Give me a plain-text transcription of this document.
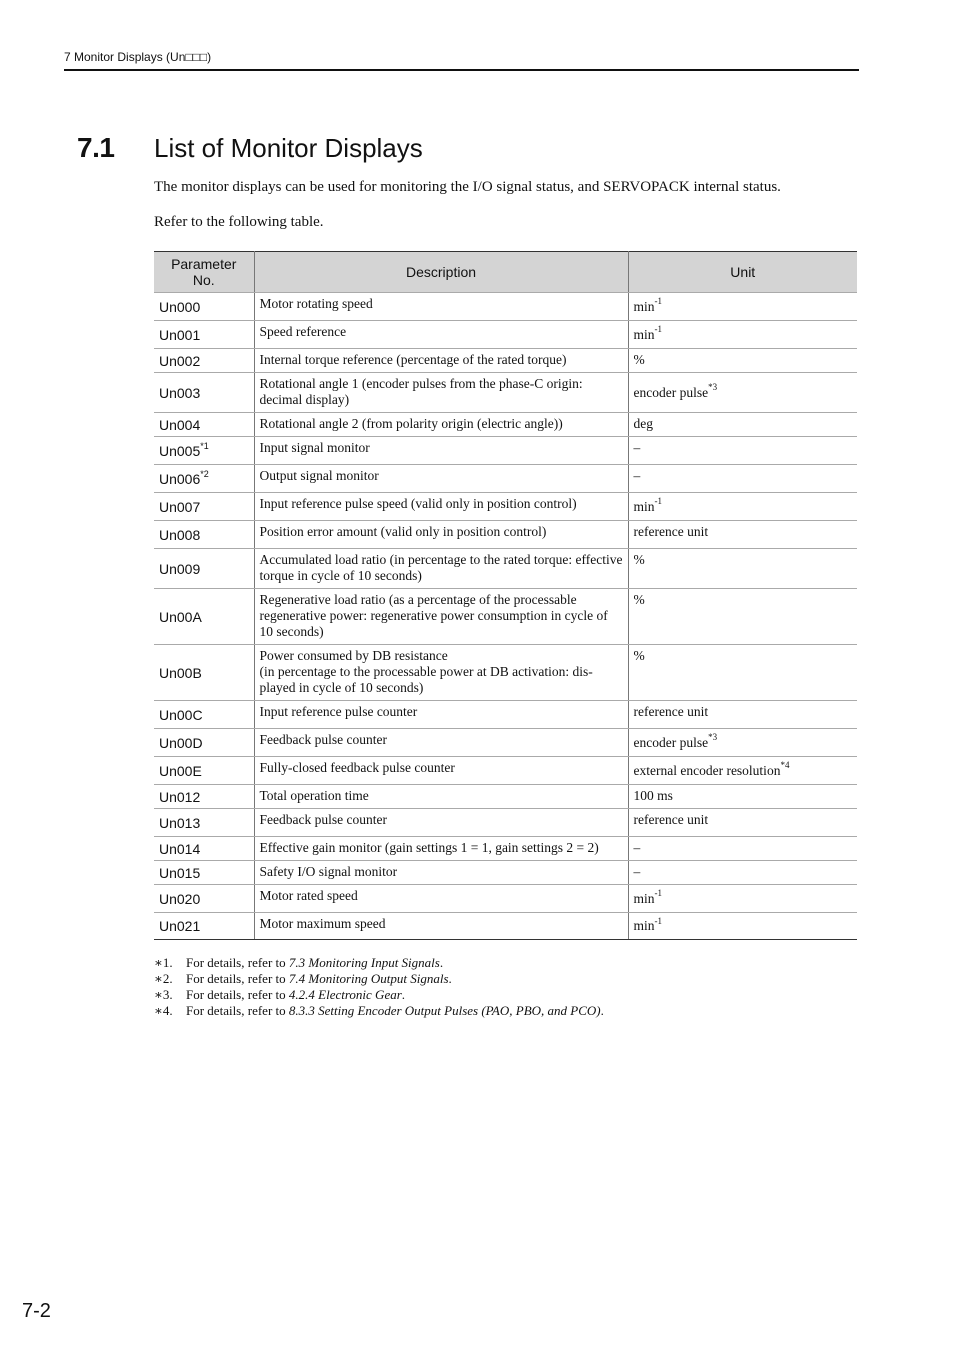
7 Monitor Displays (Un□□□)
7.1 List of Monitor Displays
The monitor displays can be used for monitoring the I/O signal status, and SERVOPACK internal status.
Refer to the following table.
Parameter
No.	Description	Unit
Un000	Motor rotating speed	$\min^{-1}$
Un001	Speed reference	$\min^{-1}$
Un002	Internal torque reference (percentage of the rated torque)	%
Un003	Rotational angle 1 (encoder pulses from the phase-C origin: decimal display)	encoder pulse$^{*3}$
Un004	Rotational angle 2 (from polarity origin (electric angle))	deg
Un005$^{*1}$	Input signal monitor	–
Un006$^{*2}$	Output signal monitor	–
Un007	Input reference pulse speed (valid only in position control)	$\min^{-1}$
Un008	Position error amount (valid only in position control)	reference unit
Un009	Accumulated load ratio (in percentage to the rated torque: effective torque in cycle of 10 seconds)	%
Un00A	Regenerative load ratio (as a percentage of the processable regenerative power: regenerative power consumption in cycle of 10 seconds)	%
Un00B	Power consumed by DB resistance
(in percentage to the processable power at DB activation: dis-played in cycle of 10 seconds)	%
Un00C	Input reference pulse counter	reference unit
Un00D	Feedback pulse counter	encoder pulse$^{*3}$
Un00E	Fully-closed feedback pulse counter	external encoder resolution$^{*4}$
Un012	Total operation time	100 ms
Un013	Feedback pulse counter	reference unit
Un014	Effective gain monitor (gain settings 1 = 1, gain settings 2 = 2)	–
Un015	Safety I/O signal monitor	–
Un020	Motor rated speed	$\min^{-1}$
Un021	Motor maximum speed	$\min^{-1}$
∗1. For details, refer to 7.3 Monitoring Input Signals.
∗2. For details, refer to 7.4 Monitoring Output Signals.
∗3. For details, refer to 4.2.4 Electronic Gear.
∗4. For details, refer to 8.3.3 Setting Encoder Output Pulses (PAO, PBO, and PCO).
7-2
